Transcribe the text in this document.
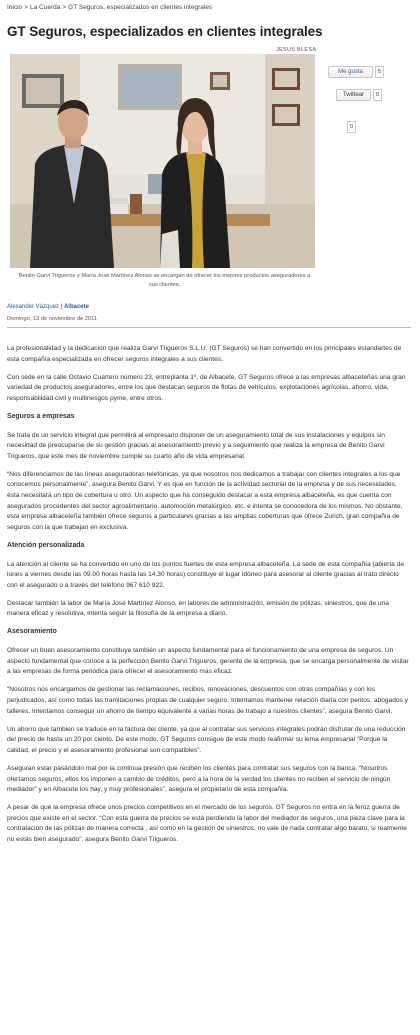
Inicio > La Cuerda > GT Seguros, especializados en clientes integrales
GT Seguros, especializados en clientes integrales
JESUS BLESA
Benito Garvi Trigueros y María José Martínez Alonso se encargan de ofrecer los mejores productos aseguradores a sus clientes.
Me gusta	5
Twittear 0
0
Alexander Vázquez | Albacete
Domingo, 13 de noviembre de 2011

La profesionalidad y la dedicación que realiza Garvi Trigueros S.L.U. (GT Seguros) se han convertido en los principales estandartes de esta compañía especializada en ofrecer seguros integrales a sus clientes.

Con sede en la calle Octavio Cuartero número 23, entreplanta 1º, de Albacete, GT Seguros ofrece a las empresas albaceteñas una gran variedad de productos aseguradores, entre los que destacan seguros de flotas de vehículos, explotaciones agrícolas, ahorro, vida, responsabilidad civil y multiriesgos pyme, entre otros.

Seguros a empresas

Se trata de un servicio integral que permitirá al empresario disponer de un aseguramiento total de sus instalaciones y equipos sin necesidad de preocuparse de su gestión gracias al asesoramiento previo y a seguimiento que realiza la empresa de Benito Garvi Trigueros, que este mes de noviembre cumple su cuarto año de vida empresarial.

“Nos diferenciamos de las líneas aseguradoras telefónicas, ya que nosotros nos dedicamos a trabajar con clientes integrales a los que conocemos personalmente”, asegura Benito Garvi. Y es que en función de la actividad sectorial de la empresa y de sus necesidades, ésta necesitará un tipo de cobertura u otro. Un aspecto que ha conseguido destacar a esta empresa albaceteña, es que cuenta con asegurados procedentes del sector agroalimentario, automoción metalúrgico, etc. e intenta se conocedora de los mismos. No obstante, esta empresa albaceteña también ofrece seguros a particulares gracias a las amplias coberturas que ofrece Zurich, gran compañía de seguros con la que trabajan en exclusiva.

Atención personalizada

La atención al cliente se ha convertido en uno de los puntos fuertes de esta empresa albaceteña. La sede de esta compañía (abierta de lunes a viernes desde las 09.00 horas hasta las 14.30 horas) constituye el lugar idóneo para asesorar al cliente gracias al trato directo con el asegurado o a través del teléfono 967 610 922.

Destacar también la labor de María José Martínez Alonso, en labores de administración, emisión de pólizas, siniestros, que de una manera eficaz y resolutiva, intenta seguir la filosofía de la empresa a diario.

Asesoramiento

Ofrecer un buen asesoramiento constituye también un aspecto fundamental para el funcionamiento de una empresa de seguros. Un aspecto fundamental que conoce a la perfección Benito Garvi Trigueros, gerente de la empresa, que se encarga personalmente de visitar a las empresas de forma periódica para ofrecer el asesoramiento más eficaz.

“Nosotros nos encargamos de gestionar las reclamaciones, recibos, renovaciones, descuentos con otras compañías y con los perjudicados, así como todas las tramitaciones propias de cualquier seguro. Intentamos mantener relación diaria con peritos, abogados y talleres. Intentamos conseguir un ahorro de tiempo equivalente a varias horas de trabajo a nuestros clientes”, asegura Benito Garvi.

Un ahorro que tambien se traduce en la factura del cliente, ya que al contratar sus servicios integrales podrán disfrutar de una reducción del precio de hasta un 20 por ciento. De este modo, GT Seguros consigue de este modo reafirmar su lema empresarial “Porque la calidad, el precio y el asesoramiento profesional son compatibles”.

Aseguran estar pasándolo mal por la continua presión que reciben los clientes para contratar sus seguros con la banca. “Nosotros ofertamos seguros, ellos los imponen a cambio de créditos, pero a la hora de la verdad los clientes no reciben el servicio de ningún mediador” y en Albacete los hay, y muy profesionales”, asegura el propietario de esta compañía.

A pesar de que la empresa ofrece unos precios competitivos en el mercado de los seguros, GT Seguros no entra en la feroz guerra de precios que existe en el sector. “Con esta guerra de precios se está perdiendo la labor del mediador de seguros, una pieza clave para la contratación de las pólizas de manera correcta , así como en la gestión de siniestros, no vale de nada contratar algo barato, si realmente no estás bien asegurado”, asegura Benito Garvi Trigueros.
